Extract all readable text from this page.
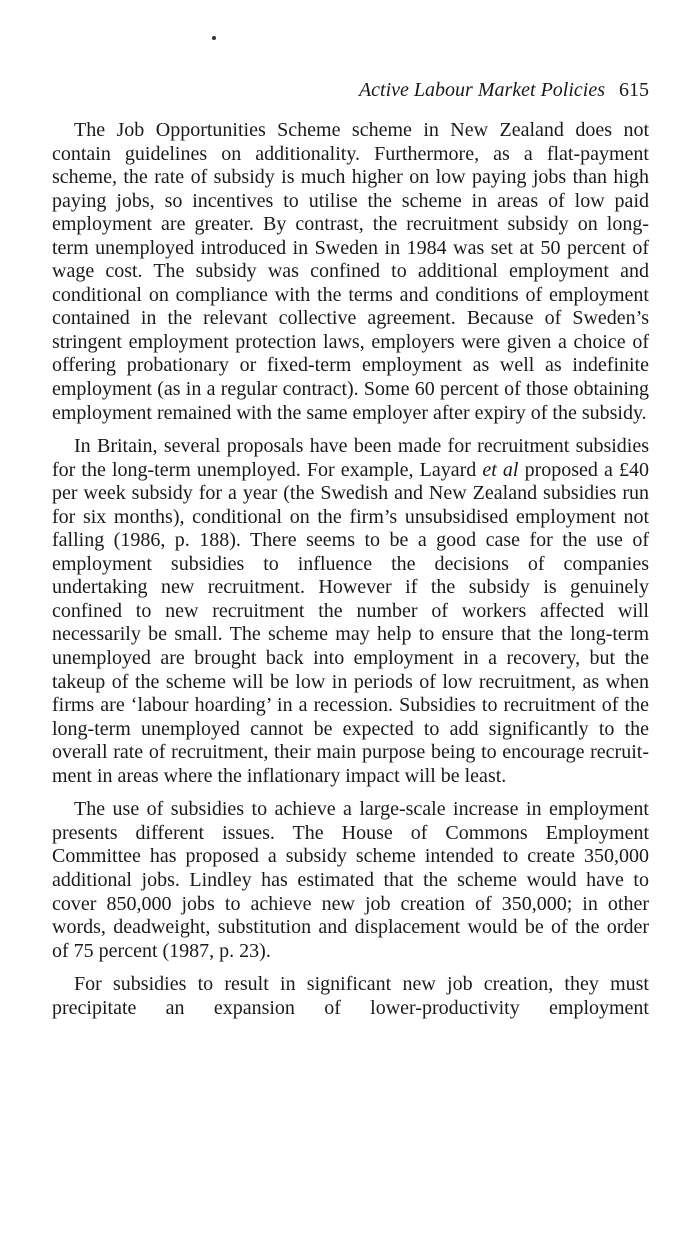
Active Labour Market Policies 615

The Job Opportunities Scheme scheme in New Zealand does not contain guidelines on additionality. Furthermore, as a flat-payment scheme, the rate of subsidy is much higher on low paying jobs than high paying jobs, so incentives to utilise the scheme in areas of low paid employment are greater. By contrast, the recruitment subsidy on long-term unemployed introduced in Sweden in 1984 was set at 50 percent of wage cost. The subsidy was confined to additional employment and conditional on compliance with the terms and conditions of employment contained in the relevant collective agreement. Because of Sweden’s stringent employment protection laws, employers were given a choice of offering probationary or fixed-term employment as well as indefinite employment (as in a regular contract). Some 60 percent of those obtaining employment remained with the same employer after expiry of the subsidy.

In Britain, several proposals have been made for recruitment subsidies for the long-term unemployed. For example, Layard et al proposed a £40 per week subsidy for a year (the Swedish and New Zealand subsidies run for six months), conditional on the firm’s unsubsidised employment not falling (1986, p. 188). There seems to be a good case for the use of employment subsidies to influence the decisions of companies undertaking new recruitment. However if the subsidy is genuinely confined to new recruitment the number of workers affected will necessarily be small. The scheme may help to ensure that the long-term unemployed are brought back into employment in a recovery, but the takeup of the scheme will be low in periods of low recruitment, as when firms are ‘labour hoarding’ in a recession. Subsidies to recruitment of the long-term unemployed cannot be expected to add significantly to the overall rate of recruitment, their main purpose being to encourage recruitment in areas where the inflationary impact will be least.

The use of subsidies to achieve a large-scale increase in employment presents different issues. The House of Commons Employment Committee has proposed a subsidy scheme intended to create 350,000 additional jobs. Lindley has estimated that the scheme would have to cover 850,000 jobs to achieve new job creation of 350,000; in other words, deadweight, substitution and displacement would be of the order of 75 percent (1987, p. 23).

For subsidies to result in significant new job creation, they must precipitate an expansion of lower-productivity employment
